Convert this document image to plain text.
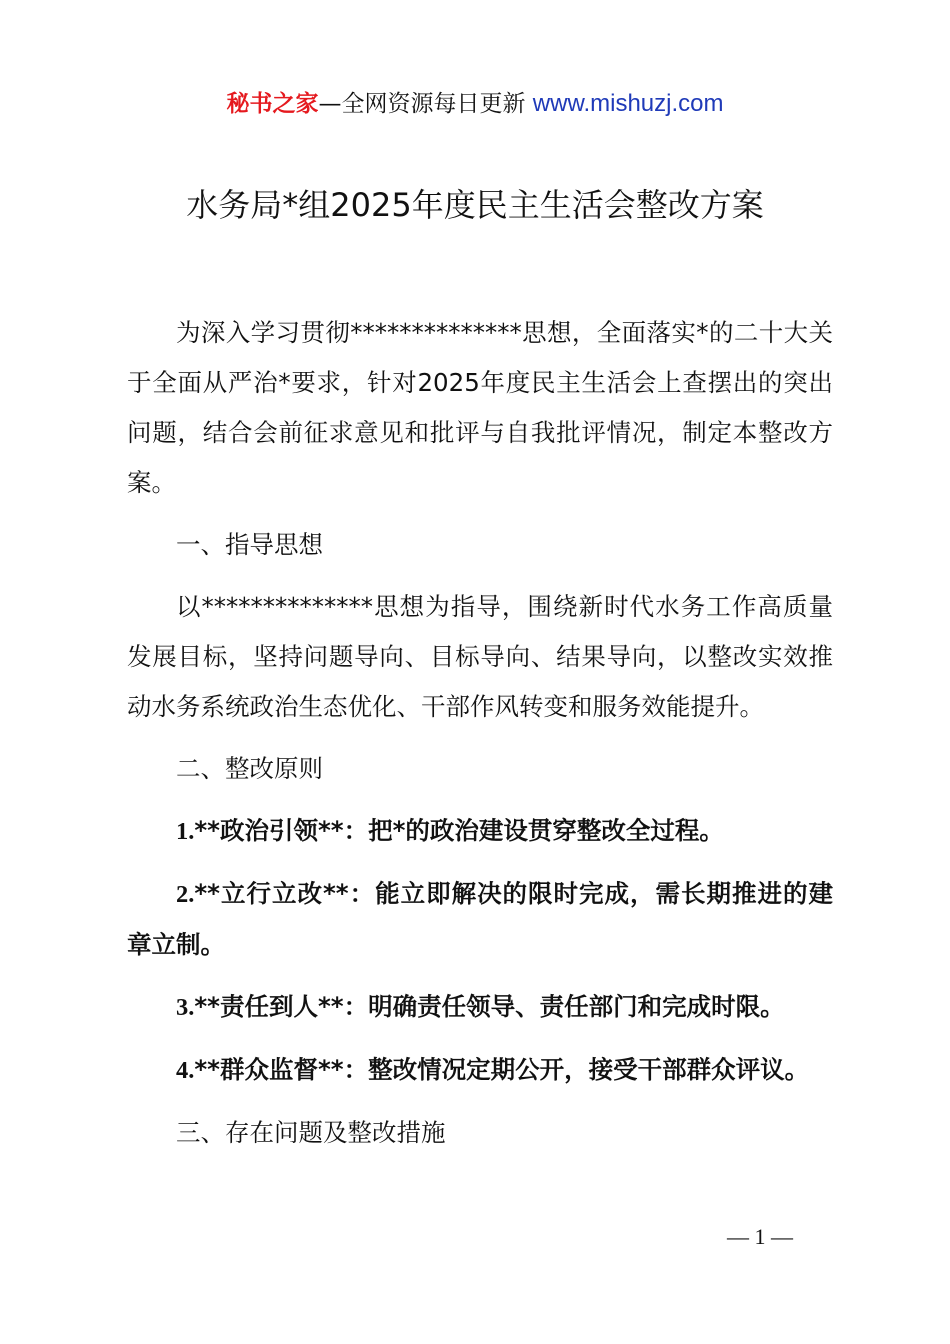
秘书之家—全网资源每日更新 www.mishuzj.com
水务局*组2025年度民主生活会整改方案

为深入学习贯彻**************思想，全面落实*的二十大关于全面从严治*要求，针对2025年度民主生活会上查摆出的突出问题，结合会前征求意见和批评与自我批评情况，制定本整改方案。

一、指导思想

以**************思想为指导，围绕新时代水务工作高质量发展目标，坚持问题导向、目标导向、结果导向，以整改实效推动水务系统政治生态优化、干部作风转变和服务效能提升。

二、整改原则

1.**政治引领**：把*的政治建设贯穿整改全过程。

2.**立行立改**：能立即解决的限时完成，需长期推进的建章立制。

3.**责任到人**：明确责任领导、责任部门和完成时限。

4.**群众监督**：整改情况定期公开，接受干部群众评议。

三、存在问题及整改措施

— 1 —
